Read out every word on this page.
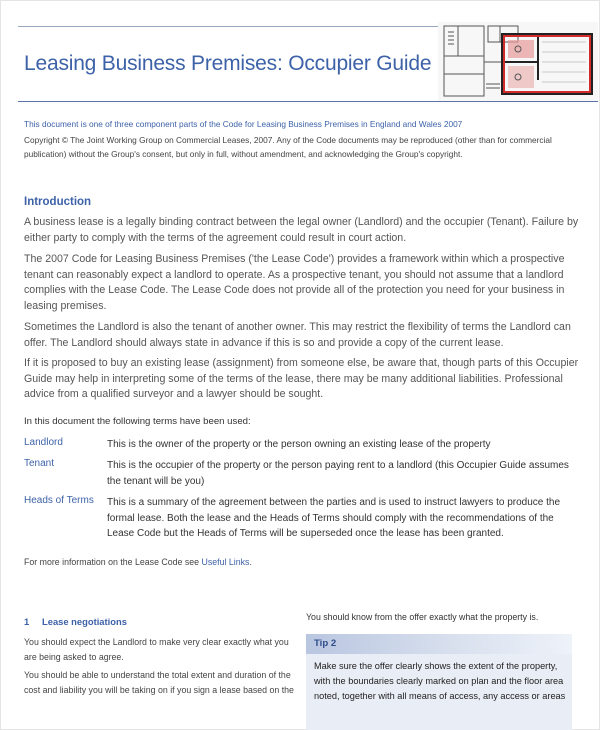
Leasing Business Premises: Occupier Guide
This document is one of three component parts of the Code for Leasing Business Premises in England and Wales 2007
Copyright © The Joint Working Group on Commercial Leases, 2007. Any of the Code documents may be reproduced (other than for commercial publication) without the Group's consent, but only in full, without amendment, and acknowledging the Group's copyright.
Introduction

A business lease is a legally binding contract between the legal owner (Landlord) and the occupier (Tenant). Failure by either party to comply with the terms of the agreement could result in court action.

The 2007 Code for Leasing Business Premises ('the Lease Code') provides a framework within which a prospective tenant can reasonably expect a landlord to operate. As a prospective tenant, you should not assume that a landlord complies with the Lease Code. The Lease Code does not provide all of the protection you need for your business in leasing premises.

Sometimes the Landlord is also the tenant of another owner. This may restrict the flexibility of terms the Landlord can offer. The Landlord should always state in advance if this is so and provide a copy of the current lease.

If it is proposed to buy an existing lease (assignment) from someone else, be aware that, though parts of this Occupier Guide may help in interpreting some of the terms of the lease, there may be many additional liabilities. Professional advice from a qualified surveyor and a lawyer should be sought.

In this document the following terms have been used:
Landlord	This is the owner of the property or the person owning an existing lease of the property
Tenant	This is the occupier of the property or the person paying rent to a landlord (this Occupier Guide assumes the tenant will be you)
Heads of Terms This is a summary of the agreement between the parties and is used to instruct lawyers to produce the formal lease. Both the lease and the Heads of Terms should comply with the recommendations of the Lease Code but the Heads of Terms will be superseded once the lease has been granted.
For more information on the Lease Code see Useful Links.
1 Lease negotiations
You should expect the Landlord to make very clear exactly what you are being asked to agree.
You should be able to understand the total extent and duration of the cost and liability you will be taking on if you sign a lease based on the
You should know from the offer exactly what the property is.
Tip 2
Make sure the offer clearly shows the extent of the property, with the boundaries clearly marked on plan and the floor area noted, together with all means of access, any access or areas
